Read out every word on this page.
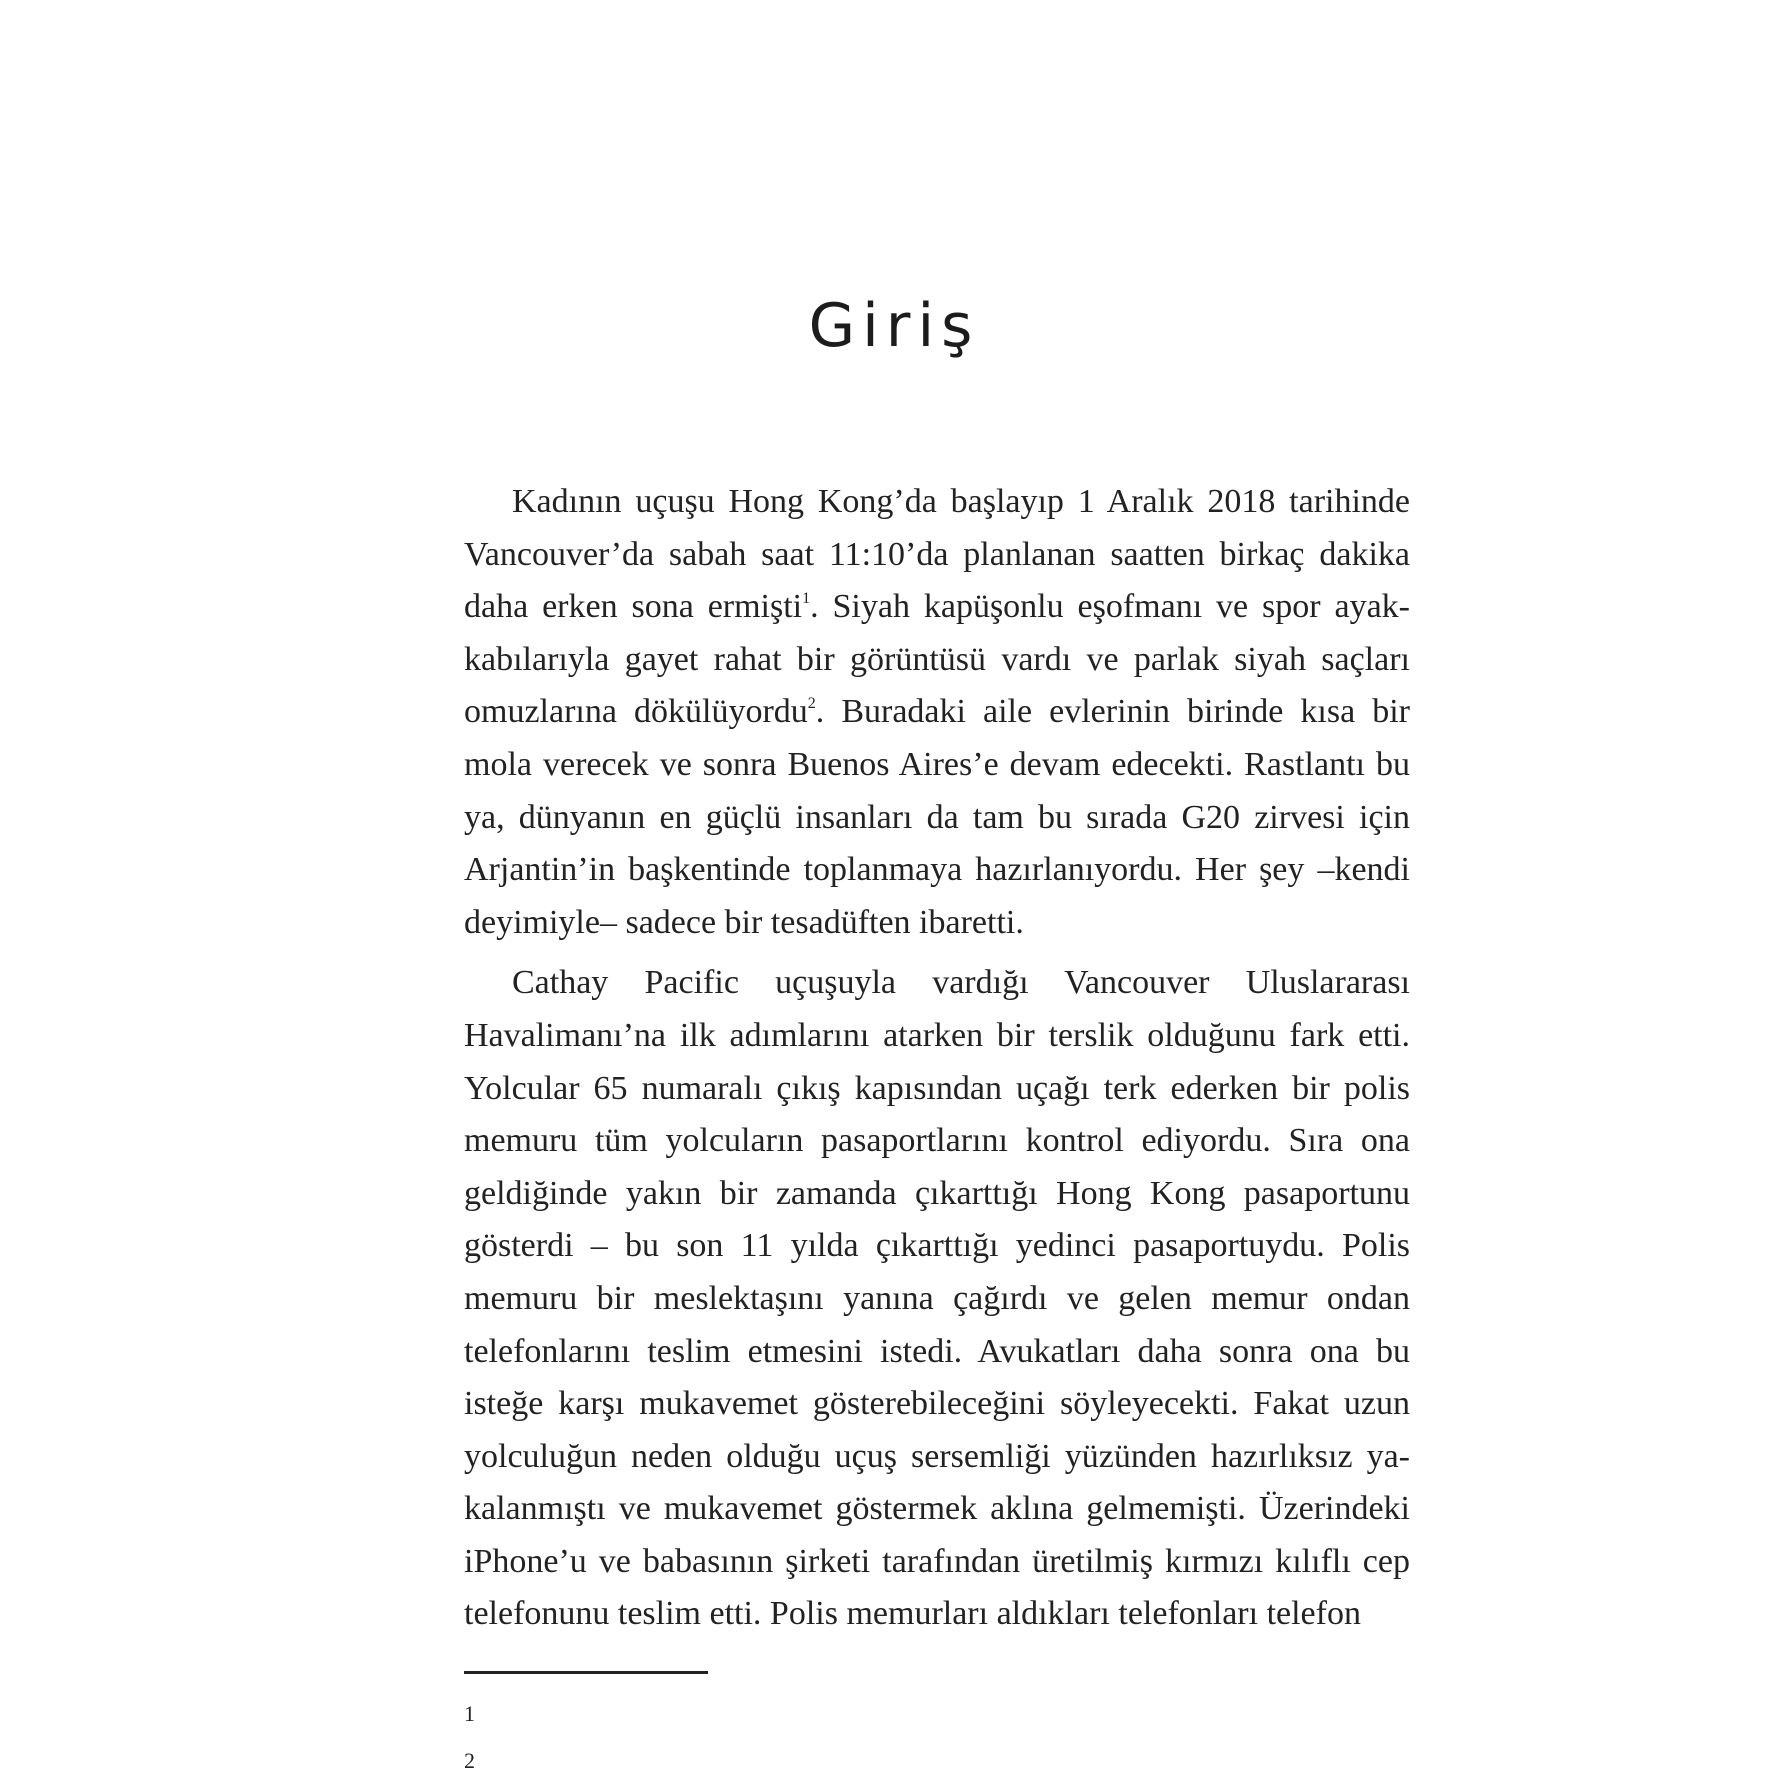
Giriş

Kadının uçuşu Hong Kong’da başlayıp 1 Aralık 2018 tarihinde Vancouver’da sabah saat 11:10’da planlanan saatten birkaç dakika daha erken sona ermişti$^1$. Siyah kapüşonlu eşofmanı ve spor ayakkabılarıyla gayet rahat bir görüntüsü vardı ve parlak siyah saçları omuzlarına dökülüyordu$^2$. Buradaki aile evlerinin birinde kısa bir mola verecek ve sonra Buenos Aires’e devam edecekti. Rastlantı bu ya, dünyanın en güçlü insanları da tam bu sırada G20 zirvesi için Arjantin’in başkentinde toplanmaya hazırlanıyordu. Her şey –kendi deyimiyle– sadece bir tesadüften ibaretti.

Cathay Pacific uçuşuyla vardığı Vancouver Uluslararası Havalimanı’na ilk adımlarını atarken bir terslik olduğunu fark etti. Yolcular 65 numaralı çıkış kapısından uçağı terk ederken bir polis memuru tüm yolcuların pasaportlarını kontrol ediyordu. Sıra ona geldiğinde yakın bir zamanda çıkarttığı Hong Kong pasaportunu gösterdi – bu son 11 yılda çıkarttığı yedinci pasaportuydu. Polis memuru bir meslektaşını yanına çağırdı ve gelen memur ondan telefonlarını teslim etmesini istedi. Avukatları daha sonra ona bu isteğe karşı mukavemet gösterebileceğini söyleyecekti. Fakat uzun yolculuğun neden olduğu uçuş sersemliği yüzünden hazırlıksız yakalanmıştı ve mukavemet göstermek aklına gelmemişti. Üzerindeki iPhone’u ve babasının şirketi tarafından üretilmiş kırmızı kılıflı cep telefonunu teslim etti. Polis memurları aldıkları telefonları telefon

1
2
